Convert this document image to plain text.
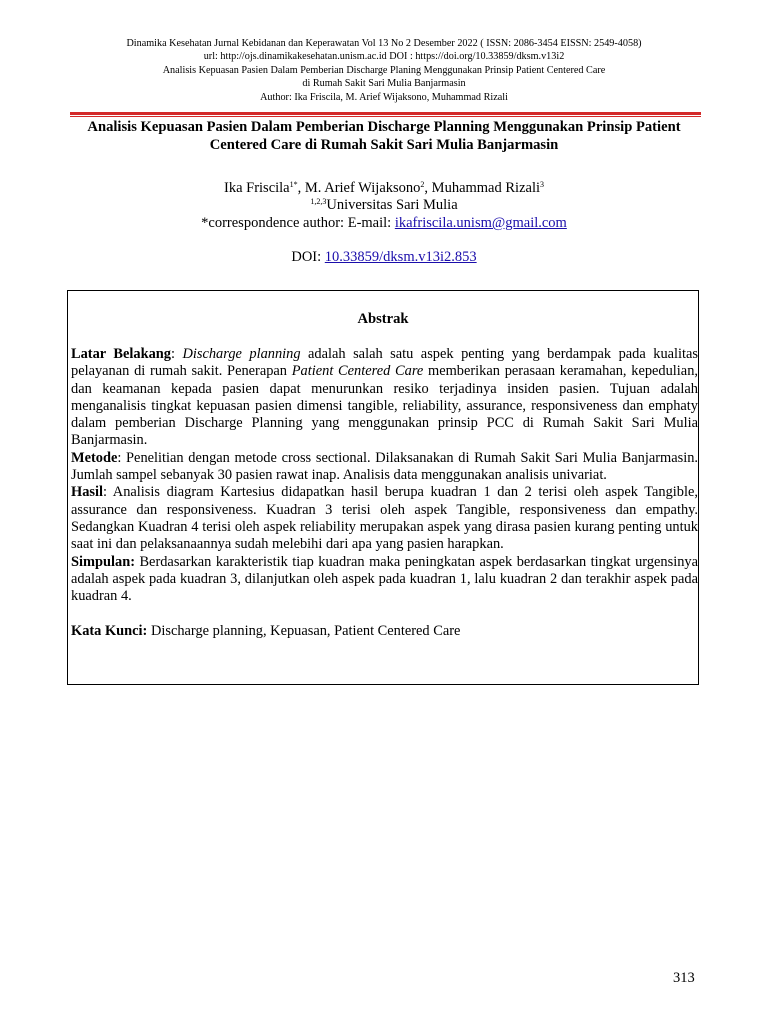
Dinamika Kesehatan Jurnal Kebidanan dan Keperawatan Vol 13 No 2 Desember 2022 ( ISSN: 2086-3454 EISSN: 2549-4058)
url: http://ojs.dinamikakesehatan.unism.ac.id DOI : https://doi.org/10.33859/dksm.v13i2
Analisis Kepuasan Pasien Dalam Pemberian Discharge Planing Menggunakan Prinsip Patient Centered Care
di Rumah Sakit Sari Mulia Banjarmasin
Author: Ika Friscila, M. Arief Wijaksono, Muhammad Rizali
Analisis Kepuasan Pasien Dalam Pemberian Discharge Planning Menggunakan Prinsip Patient
Centered Care di Rumah Sakit Sari Mulia Banjarmasin
Ika Friscila$^{1*}$, M. Arief Wijaksono$^2$, Muhammad Rizali$^3$
$^{1,2,3}$Universitas Sari Mulia
*correspondence author: E-mail: ikafriscila.unism@gmail.com
DOI: 10.33859/dksm.v13i2.853
Abstrak

Latar Belakang: Discharge planning adalah salah satu aspek penting yang berdampak pada kualitas pelayanan di rumah sakit. Penerapan Patient Centered Care memberikan perasaan keramahan, kepedulian, dan keamanan kepada pasien dapat menurunkan resiko terjadinya insiden pasien. Tujuan adalah menganalisis tingkat kepuasan pasien dimensi tangible, reliability, assurance, responsiveness dan emphaty dalam pemberian Discharge Planning yang menggunakan prinsip PCC di Rumah Sakit Sari Mulia Banjarmasin.

Metode: Penelitian dengan metode cross sectional. Dilaksanakan di Rumah Sakit Sari Mulia Banjarmasin. Jumlah sampel sebanyak 30 pasien rawat inap. Analisis data menggunakan analisis univariat.

Hasil: Analisis diagram Kartesius didapatkan hasil berupa kuadran 1 dan 2 terisi oleh aspek Tangible, assurance dan responsiveness. Kuadran 3 terisi oleh aspek Tangible, responsiveness dan empathy. Sedangkan Kuadran 4 terisi oleh aspek reliability merupakan aspek yang dirasa pasien kurang penting untuk saat ini dan pelaksanaannya sudah melebihi dari apa yang pasien harapkan.

Simpulan: Berdasarkan karakteristik tiap kuadran maka peningkatan aspek berdasarkan tingkat urgensinya adalah aspek pada kuadran 3, dilanjutkan oleh aspek pada kuadran 1, lalu kuadran 2 dan terakhir aspek pada kuadran 4.

Kata Kunci: Discharge planning, Kepuasan, Patient Centered Care

313
